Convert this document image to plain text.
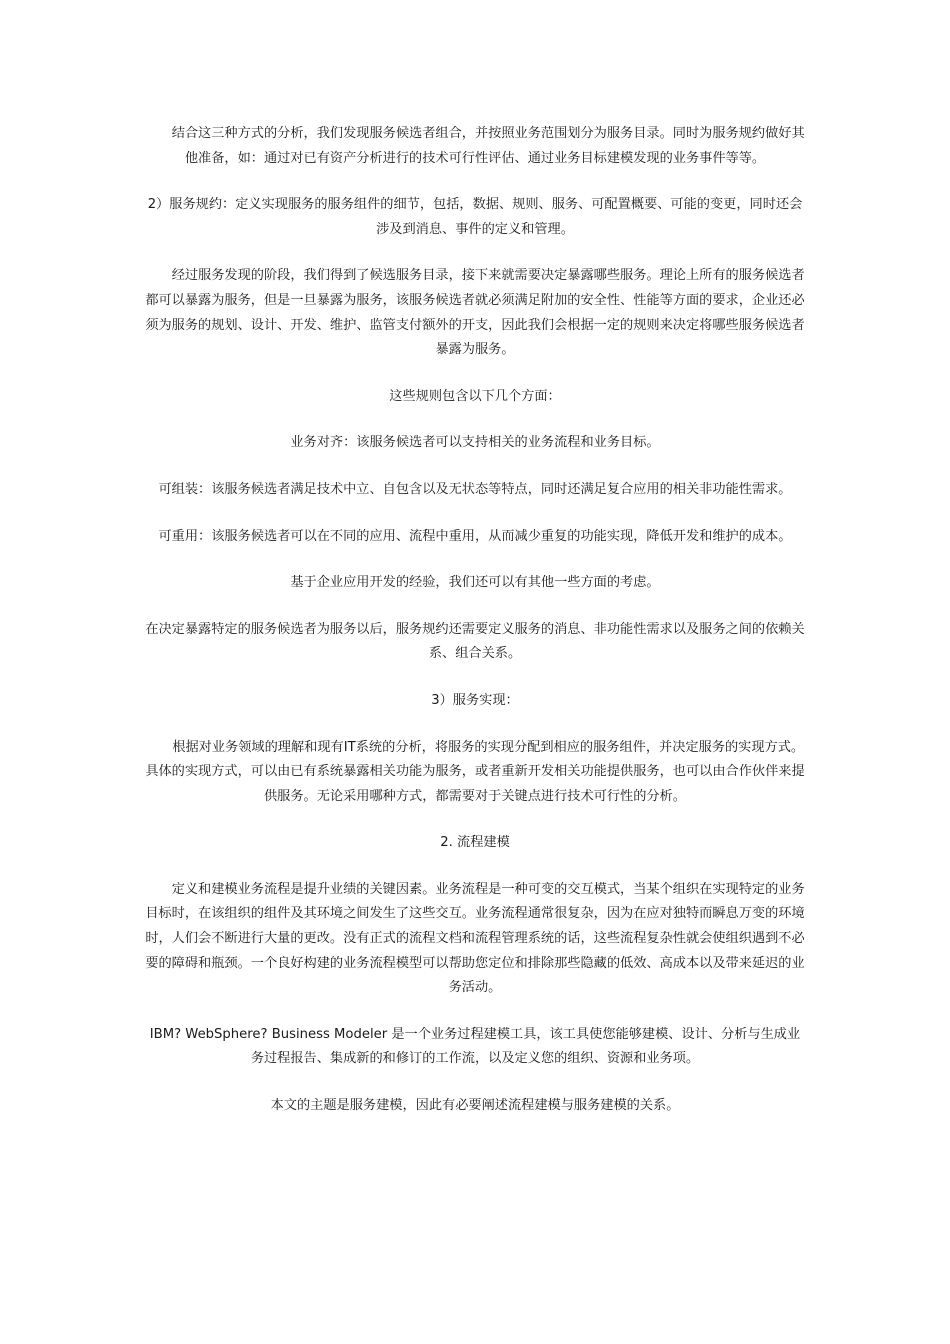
结合这三种方式的分析，我们发现服务候选者组合，并按照业务范围划分为服务目录。同时为服务规约做好其他准备，如：通过对已有资产分析进行的技术可行性评估、通过业务目标建模发现的业务事件等等。

2）服务规约：定义实现服务的服务组件的细节，包括，数据、规则、服务、可配置概要、可能的变更，同时还会涉及到消息、事件的定义和管理。

经过服务发现的阶段，我们得到了候选服务目录，接下来就需要决定暴露哪些服务。理论上所有的服务候选者都可以暴露为服务，但是一旦暴露为服务，该服务候选者就必须满足附加的安全性、性能等方面的要求，企业还必须为服务的规划、设计、开发、维护、监管支付额外的开支，因此我们会根据一定的规则来决定将哪些服务候选者暴露为服务。

这些规则包含以下几个方面：

业务对齐：该服务候选者可以支持相关的业务流程和业务目标。

可组装：该服务候选者满足技术中立、自包含以及无状态等特点，同时还满足复合应用的相关非功能性需求。

可重用：该服务候选者可以在不同的应用、流程中重用，从而减少重复的功能实现，降低开发和维护的成本。

基于企业应用开发的经验，我们还可以有其他一些方面的考虑。

在决定暴露特定的服务候选者为服务以后，服务规约还需要定义服务的消息、非功能性需求以及服务之间的依赖关系、组合关系。

3）服务实现：

根据对业务领域的理解和现有IT系统的分析，将服务的实现分配到相应的服务组件，并决定服务的实现方式。具体的实现方式，可以由已有系统暴露相关功能为服务，或者重新开发相关功能提供服务，也可以由合作伙伴来提供服务。无论采用哪种方式，都需要对于关键点进行技术可行性的分析。

2. 流程建模

定义和建模业务流程是提升业绩的关键因素。业务流程是一种可变的交互模式，当某个组织在实现特定的业务目标时，在该组织的组件及其环境之间发生了这些交互。业务流程通常很复杂，因为在应对独特而瞬息万变的环境时，人们会不断进行大量的更改。没有正式的流程文档和流程管理系统的话，这些流程复杂性就会使组织遇到不必要的障碍和瓶颈。一个良好构建的业务流程模型可以帮助您定位和排除那些隐藏的低效、高成本以及带来延迟的业务活动。

IBM? WebSphere? Business Modeler 是一个业务过程建模工具，该工具使您能够建模、设计、分析与生成业务过程报告、集成新的和修订的工作流，以及定义您的组织、资源和业务项。

本文的主题是服务建模，因此有必要阐述流程建模与服务建模的关系。
